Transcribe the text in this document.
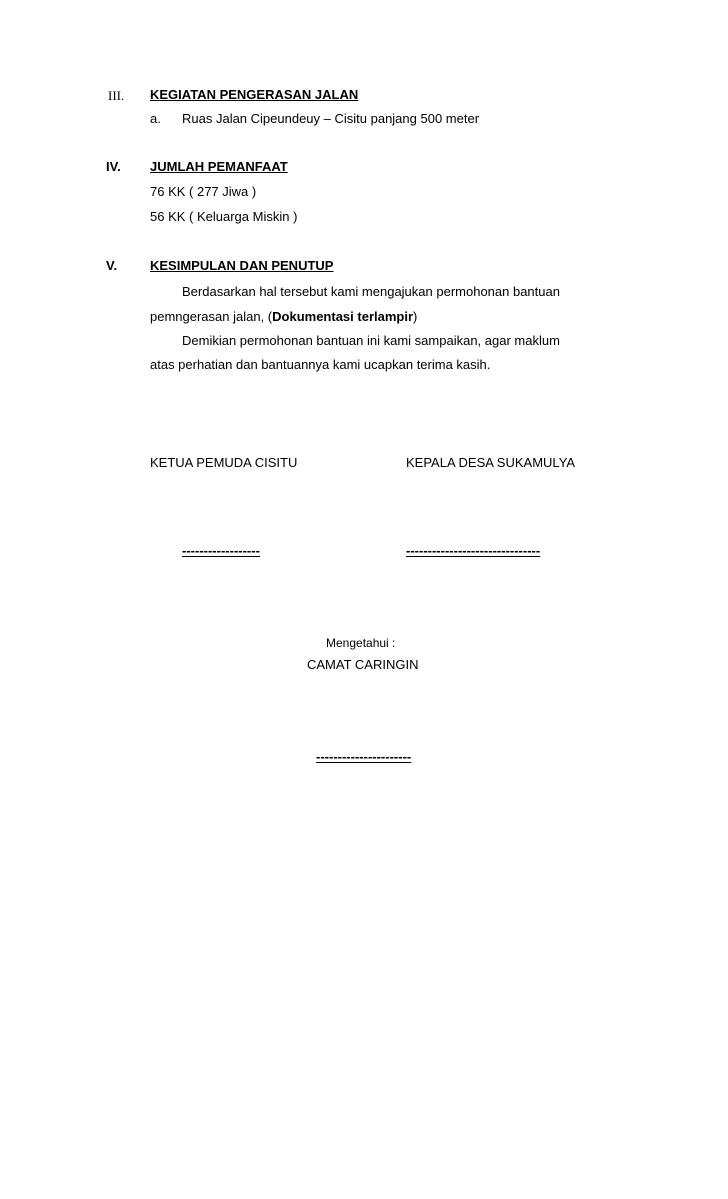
III. KEGIATAN PENGERASAN JALAN
a. Ruas Jalan Cipeundeuy – Cisitu panjang 500 meter
IV. JUMLAH PEMANFAAT
76 KK ( 277 Jiwa )
56 KK ( Keluarga Miskin )
V.	KESIMPULAN DAN PENUTUP
Berdasarkan hal tersebut kami mengajukan permohonan bantuan
pemngerasan jalan, (Dokumentasi terlampir)
Demikian permohonan bantuan ini kami sampaikan, agar maklum
atas perhatian dan bantuannya kami ucapkan terima kasih.
KETUA PEMUDA CISITU	KEPALA DESA SUKAMULYA
------------------	-------------------------------
Mengetahui :
CAMAT CARINGIN
----------------------
